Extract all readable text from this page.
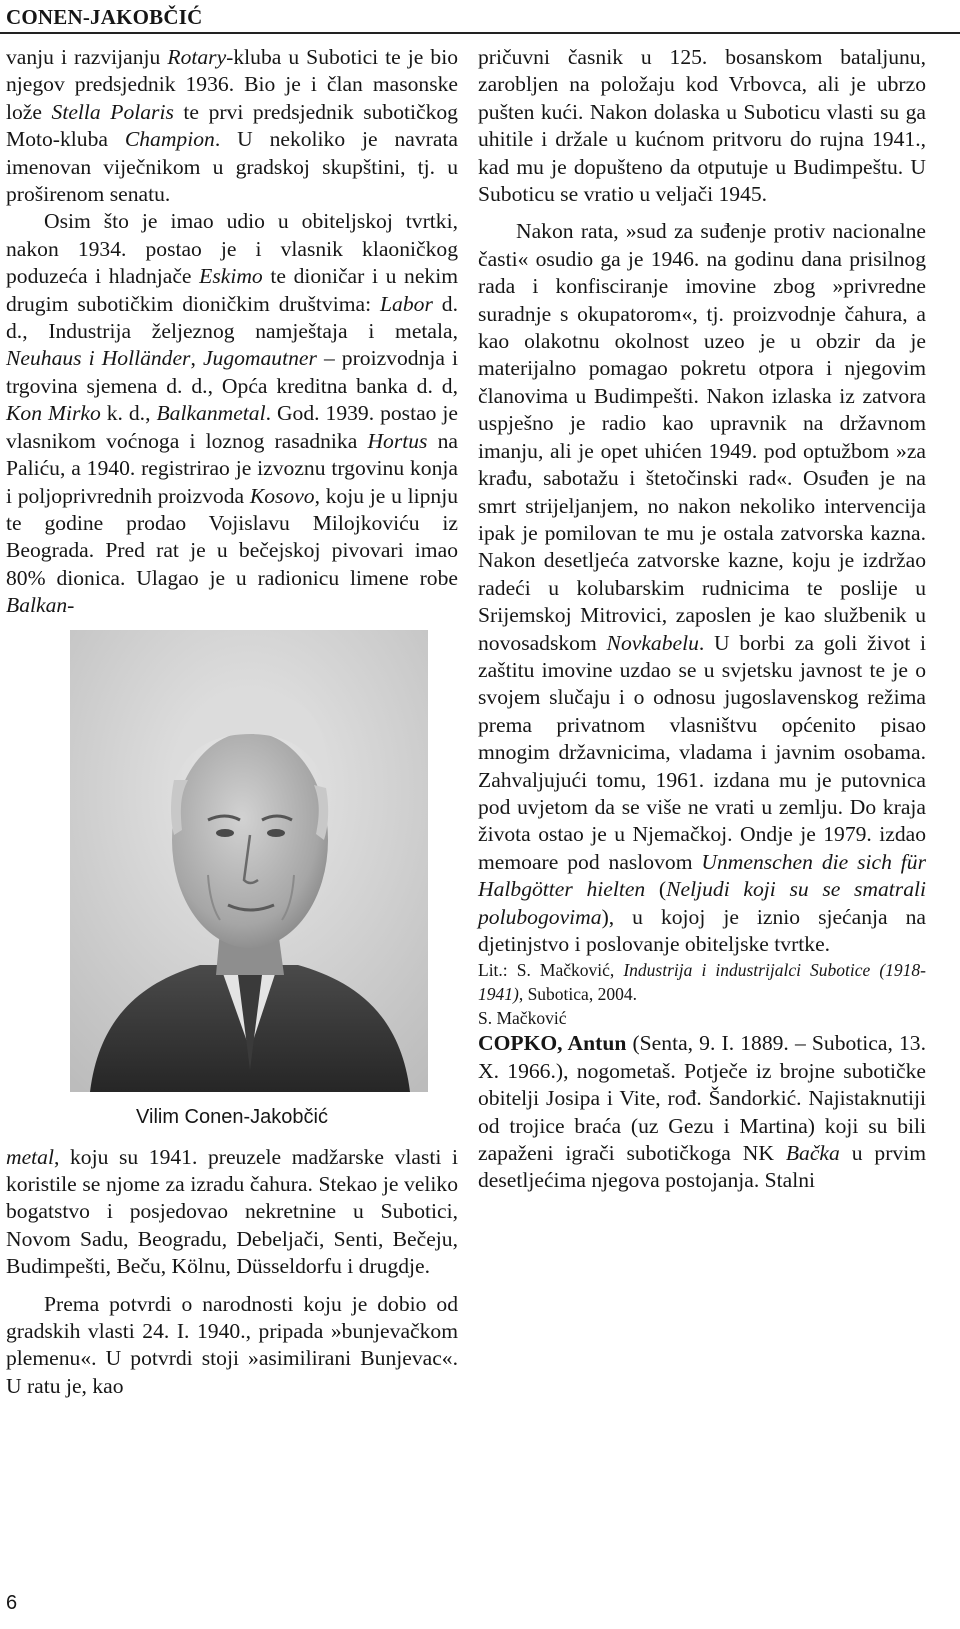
CONEN-JAKOBČIĆ

vanju i razvijanju Rotary-kluba u Subotici te je bio njegov predsjednik 1936. Bio je i član masonske lože Stella Polaris te prvi predsjednik subotičkog Moto-kluba Champion. U nekoliko je navrata imenovan viječnikom u gradskoj skupštini, tj. u proširenom senatu.

Osim što je imao udio u obiteljskoj tvrtki, nakon 1934. postao je i vlasnik klaoničkog poduzeća i hladnjače Eskimo te dioničar i u nekim drugim subotičkim dioničkim društvima: Labor d. d., Industrija željeznog namještaja i metala, Neuhaus i Holländer, Jugomautner – proizvodnja i trgovina sjemena d. d., Opća kreditna banka d. d, Kon Mirko k. d., Balkanmetal. God. 1939. postao je vlasnikom voćnoga i loznog rasadnika Hortus na Paliću, a 1940. registrirao je izvoznu trgovinu konja i poljoprivrednih proizvoda Kosovo, koju je u lipnju te godine prodao Vojislavu Milojkoviću iz Beograda. Pred rat je u bečejskoj pivovari imao 80% dionica. Ulagao je u radionicu limene robe Balkan-

Vilim Conen-Jakobčić

metal, koju su 1941. preuzele madžarske vlasti i koristile se njome za izradu čahura. Stekao je veliko bogatstvo i posjedovao nekretnine u Subotici, Novom Sadu, Beogradu, Debeljači, Senti, Bečeju, Budimpešti, Beču, Kölnu, Düsseldorfu i drugdje.

Prema potvrdi o narodnosti koju je dobio od gradskih vlasti 24. I. 1940., pripada »bunjevačkom plemenu«. U potvrdi stoji »asimilirani Bunjevac«. U ratu je, kao

pričuvni časnik u 125. bosanskom bataljunu, zarobljen na položaju kod Vrbovca, ali je ubrzo pušten kući. Nakon dolaska u Suboticu vlasti su ga uhitile i držale u kućnom pritvoru do rujna 1941., kad mu je dopušteno da otputuje u Budimpeštu. U Suboticu se vratio u veljači 1945.

Nakon rata, »sud za suđenje protiv nacionalne časti« osudio ga je 1946. na godinu dana prisilnog rada i konfisciranje imovine zbog »privredne suradnje s okupatorom«, tj. proizvodnje čahura, a kao olakotnu okolnost uzeo je u obzir da je materijalno pomagao pokretu otpora i njegovim članovima u Budimpešti. Nakon izlaska iz zatvora uspješno je radio kao upravnik na državnom imanju, ali je opet uhićen 1949. pod optužbom »za krađu, sabotažu i štetočinski rad«. Osuđen je na smrt strijeljanjem, no nakon nekoliko intervencija ipak je pomilovan te mu je ostala zatvorska kazna. Nakon desetljeća zatvorske kazne, koju je izdržao radeći u kolubarskim rudnicima te poslije u Srijemskoj Mitrovici, zaposlen je kao službenik u novosadskom Novkabelu. U borbi za goli život i zaštitu imovine uzdao se u svjetsku javnost te je o svojem slučaju i o odnosu jugoslavenskog režima prema privatnom vlasništvu općenito pisao mnogim državnicima, vladama i javnim osobama. Zahvaljujući tomu, 1961. izdana mu je putovnica pod uvjetom da se više ne vrati u zemlju. Do kraja života ostao je u Njemačkoj. Ondje je 1979. izdao memoare pod naslovom Unmenschen die sich für Halbgötter hielten (Neljudi koji su se smatrali polubogovima), u kojoj je iznio sjećanja na djetinjstvo i poslovanje obiteljske tvrtke.

Lit.: S. Mačković, Industrija i industrijalci Subotice (1918-1941), Subotica, 2004.

S. Mačković

COPKO, Antun (Senta, 9. I. 1889. – Subotica, 13. X. 1966.), nogometaš. Potječe iz brojne subotičke obitelji Josipa i Vite, rođ. Šandorkić. Najistaknutiji od trojice braća (uz Gezu i Martina) koji su bili zapaženi igrači subotičkoga NK Bačka u prvim desetljećima njegova postojanja. Stalni

6
